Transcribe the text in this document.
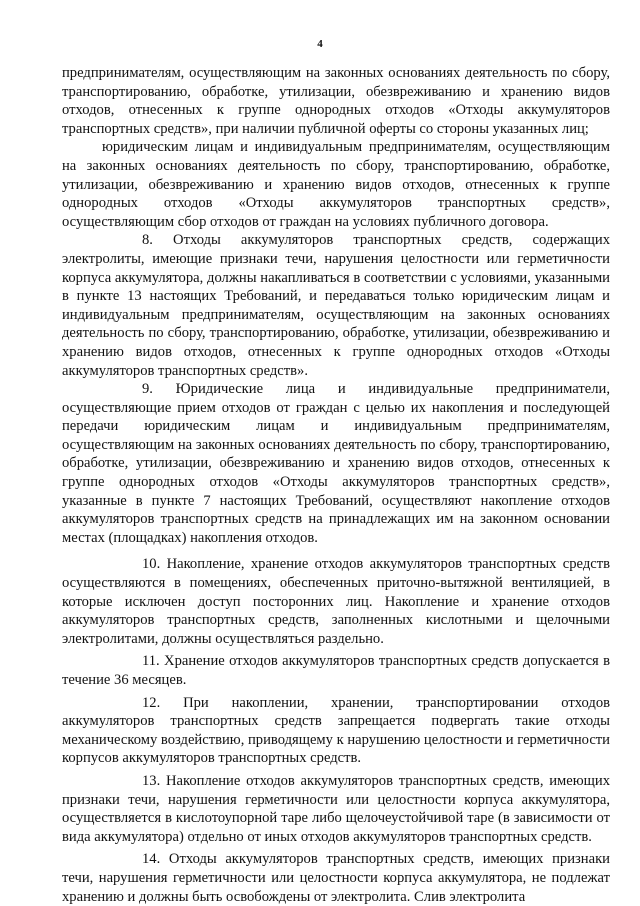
4

предпринимателям, осуществляющим на законных основаниях деятельность по сбору, транспортированию, обработке, утилизации, обезвреживанию и хранению видов отходов, отнесенных к группе однородных отходов «Отходы аккумуляторов транспортных средств», при наличии публичной оферты со стороны указанных лиц;

юридическим лицам и индивидуальным предпринимателям, осуществляющим на законных основаниях деятельность по сбору, транспортированию, обработке, утилизации, обезвреживанию и хранению видов отходов, отнесенных к группе однородных отходов «Отходы аккумуляторов транспортных средств», осуществляющим сбор отходов от граждан на условиях публичного договора.

8. Отходы аккумуляторов транспортных средств, содержащих электролиты, имеющие признаки течи, нарушения целостности или герметичности корпуса аккумулятора, должны накапливаться в соответствии с условиями, указанными в пункте 13 настоящих Требований, и передаваться только юридическим лицам и индивидуальным предпринимателям, осуществляющим на законных основаниях деятельность по сбору, транспортированию, обработке, утилизации, обезвреживанию и хранению видов отходов, отнесенных к группе однородных отходов «Отходы аккумуляторов транспортных средств».

9. Юридические лица и индивидуальные предприниматели, осуществляющие прием отходов от граждан с целью их накопления и последующей передачи юридическим лицам и индивидуальным предпринимателям, осуществляющим на законных основаниях деятельность по сбору, транспортированию, обработке, утилизации, обезвреживанию и хранению видов отходов, отнесенных к группе однородных отходов «Отходы аккумуляторов транспортных средств», указанные в пункте 7 настоящих Требований, осуществляют накопление отходов аккумуляторов транспортных средств на принадлежащих им на законном основании местах (площадках) накопления отходов.

10. Накопление, хранение отходов аккумуляторов транспортных средств осуществляются в помещениях, обеспеченных приточно-вытяжной вентиляцией, в которые исключен доступ посторонних лиц. Накопление и хранение отходов аккумуляторов транспортных средств, заполненных кислотными и щелочными электролитами, должны осуществляться раздельно.

11. Хранение отходов аккумуляторов транспортных средств допускается в течение 36 месяцев.

12. При накоплении, хранении, транспортировании отходов аккумуляторов транспортных средств запрещается подвергать такие отходы механическому воздействию, приводящему к нарушению целостности и герметичности корпусов аккумуляторов транспортных средств.

13. Накопление отходов аккумуляторов транспортных средств, имеющих признаки течи, нарушения герметичности или целостности корпуса аккумулятора, осуществляется в кислотоупорной таре либо щелочеустойчивой таре (в зависимости от вида аккумулятора) отдельно от иных отходов аккумуляторов транспортных средств.

14. Отходы аккумуляторов транспортных средств, имеющих признаки течи, нарушения герметичности или целостности корпуса аккумулятора, не подлежат хранению и должны быть освобождены от электролита. Слив электролита
